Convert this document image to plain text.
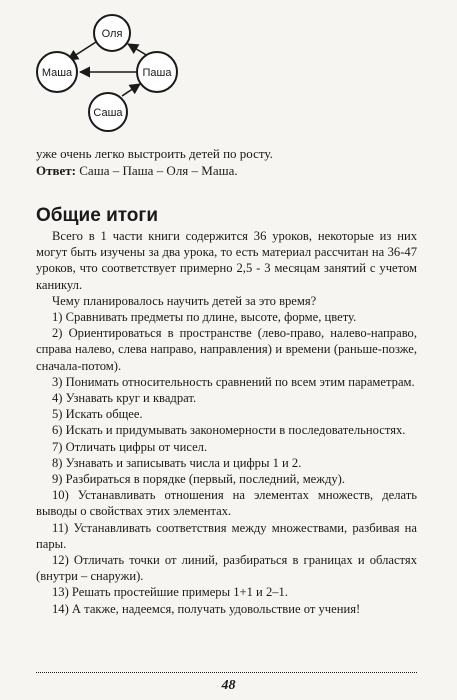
Оля
Маша	Паша
Саша

уже очень легко выстроить детей по росту.

Ответ: Саша – Паша – Оля – Маша.

Общие итоги

Всего в 1 части книги содержится 36 уроков, некоторые из них могут быть изучены за два урока, то есть материал рассчитан на 36-47 уроков, что соответствует примерно 2,5 - 3 месяцам занятий с учетом каникул.

Чему планировалось научить детей за это время?

1) Сравнивать предметы по длине, высоте, форме, цвету.

2) Ориентироваться в пространстве (лево-право, налево-направо, справа налево, слева направо, направления) и времени (раньше-позже, сначала-потом).

3) Понимать относительность сравнений по всем этим параметрам.

4) Узнавать круг и квадрат.

5) Искать общее.

6) Искать и придумывать закономерности в последовательностях.

7) Отличать цифры от чисел.

8) Узнавать и записывать числа и цифры 1 и 2.

9) Разбираться в порядке (первый, последний, между).

10) Устанавливать отношения на элементах множеств, делать выводы о свойствах этих элементах.

11) Устанавливать соответствия между множествами, разбивая на пары.

12) Отличать точки от линий, разбираться в границах и областях (внутри – снаружи).

13) Решать простейшие примеры 1+1 и 2–1.

14) А также, надеемся, получать удовольствие от учения!

48
